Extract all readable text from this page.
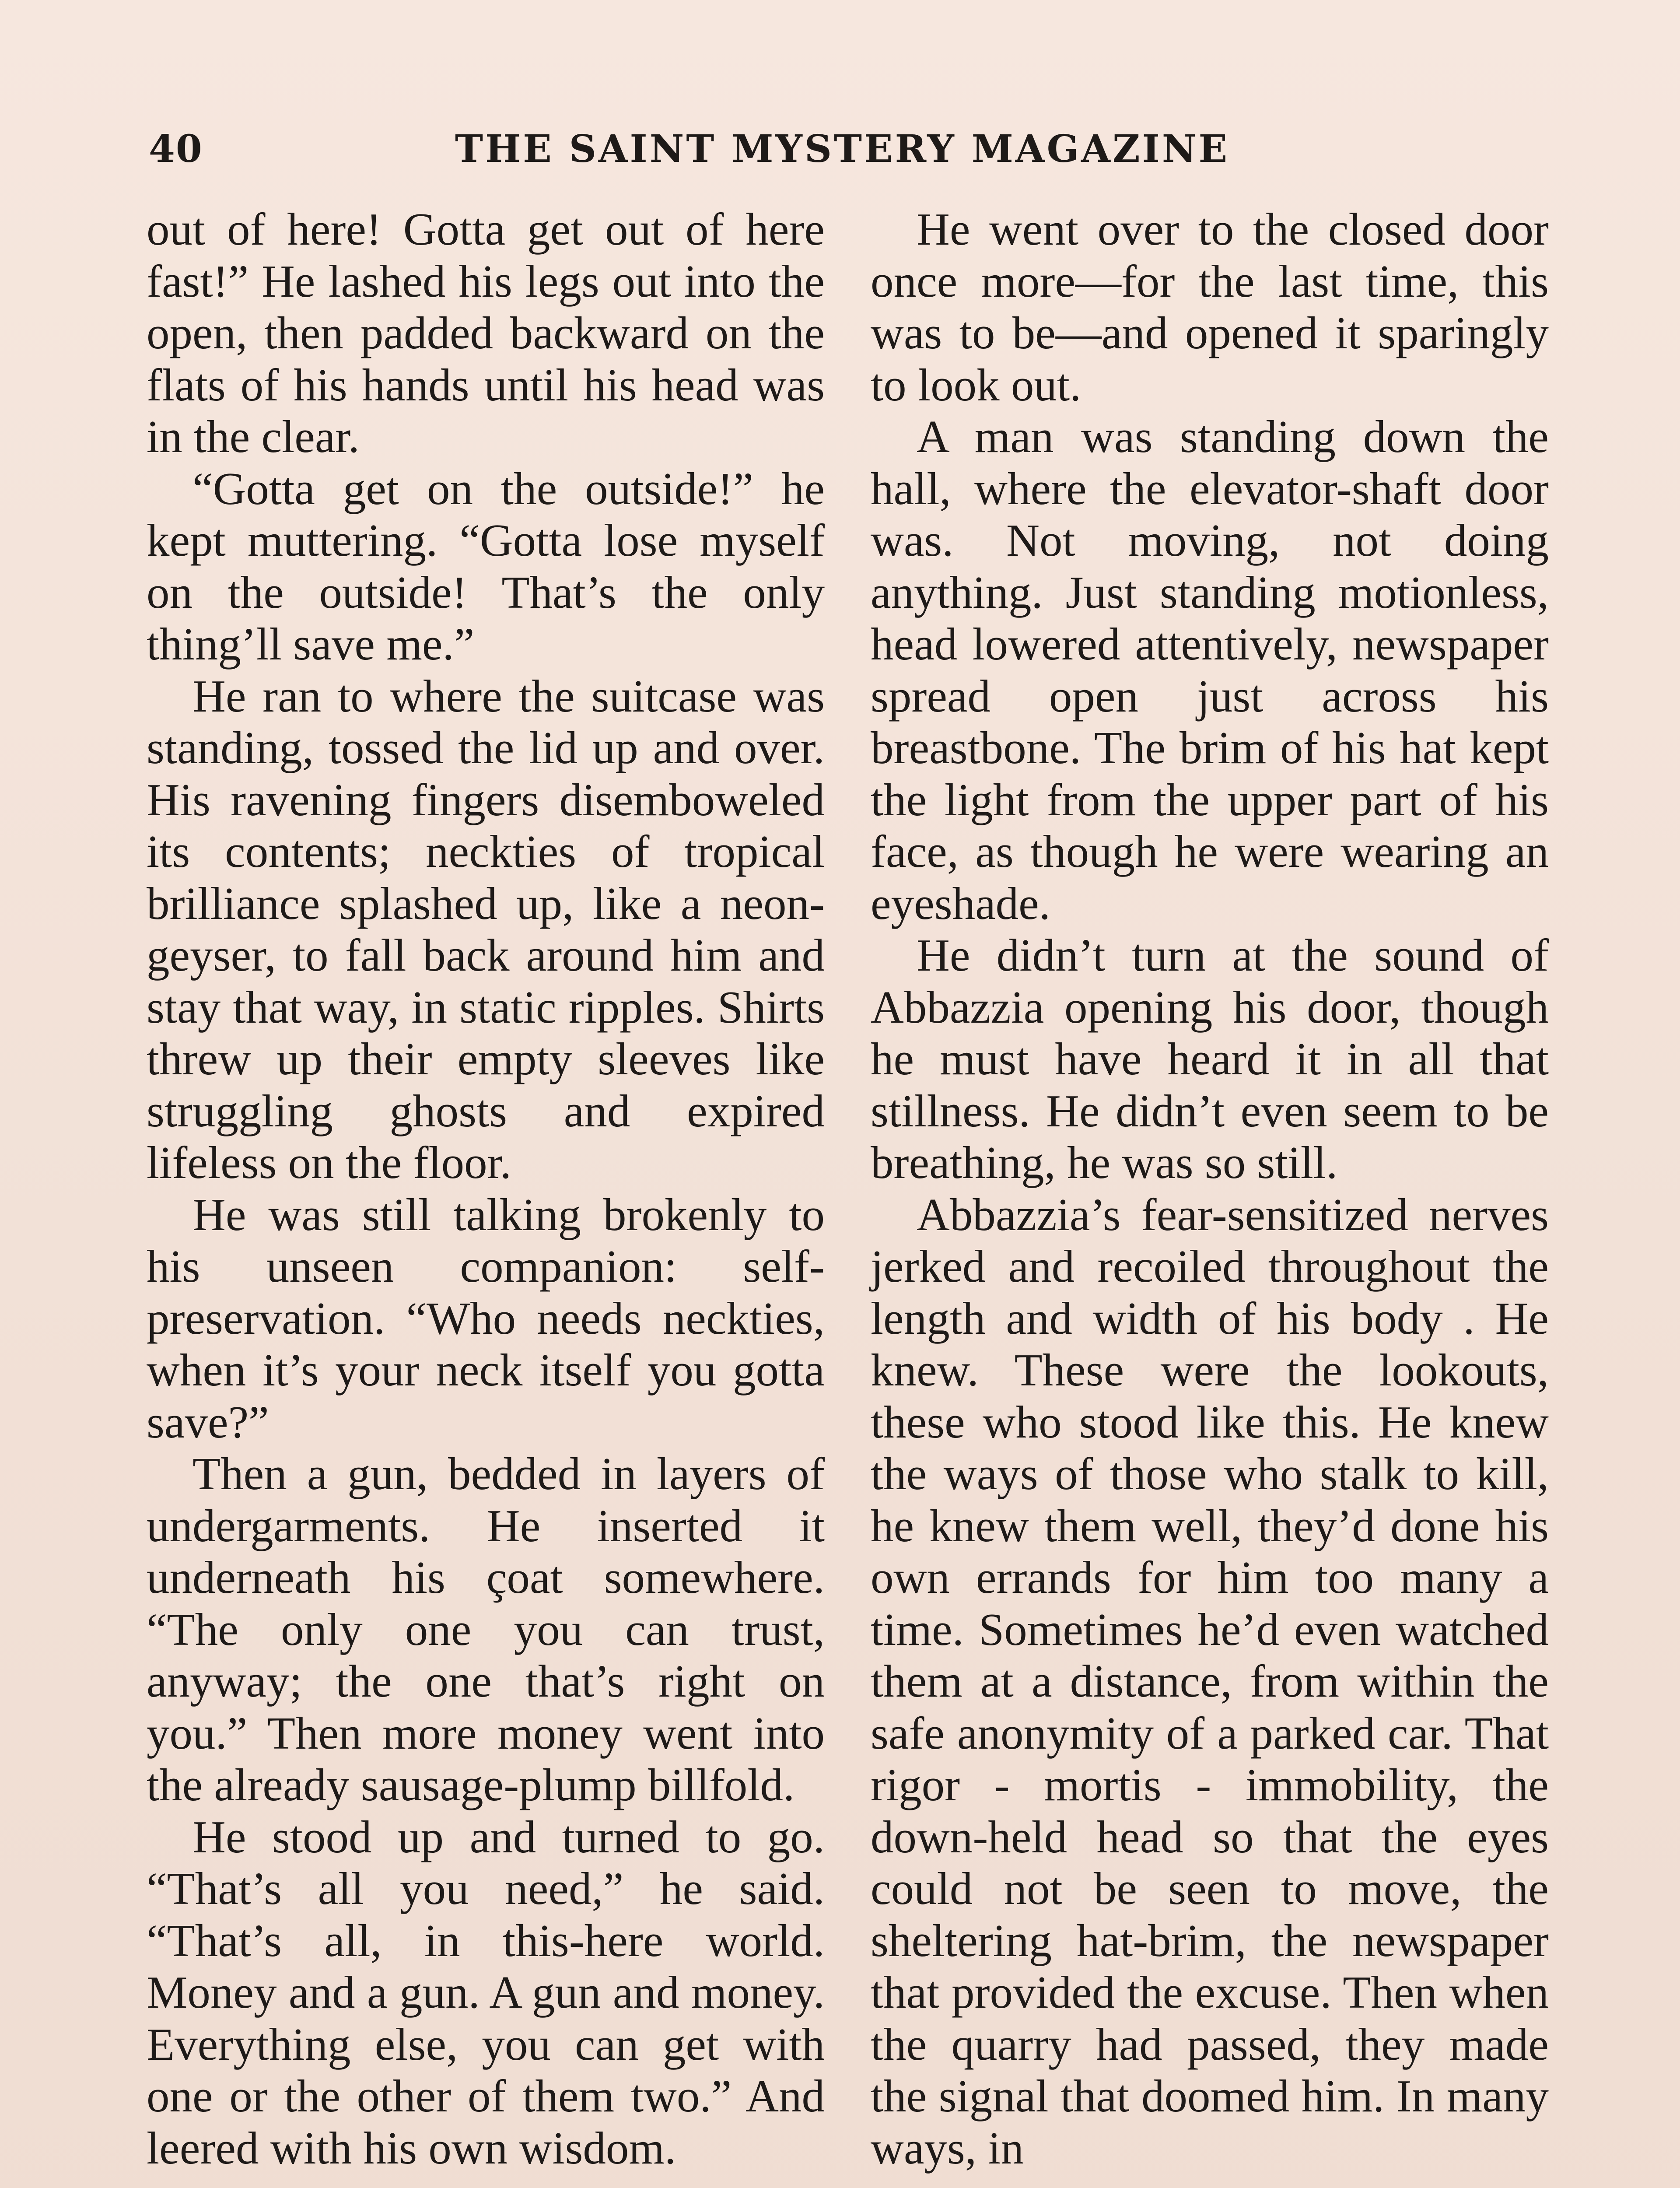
40	THE SAINT MYSTERY MAGAZINE

out of here! Gotta get out of here fast!” He lashed his legs out into the open, then padded backward on the flats of his hands until his head was in the clear.

“Gotta get on the outside!” he kept muttering. “Gotta lose myself on the outside! That’s the only thing’ll save me.”

He ran to where the suitcase was standing, tossed the lid up and over. His ravening fingers disemboweled its contents; neckties of tropical brilliance splashed up, like a neon-geyser, to fall back around him and stay that way, in static ripples. Shirts threw up their empty sleeves like struggling ghosts and expired lifeless on the floor.

He was still talking brokenly to his unseen companion: self-preservation. “Who needs neckties, when it’s your neck itself you gotta save?”

Then a gun, bedded in layers of undergarments. He inserted it underneath his çoat somewhere. “The only one you can trust, anyway; the one that’s right on you.” Then more money went into the already sausage-plump billfold.

He stood up and turned to go. “That’s all you need,” he said. “That’s all, in this-here world. Money and a gun. A gun and money. Everything else, you can get with one or the other of them two.” And leered with his own wisdom.

He went over to the closed door once more—for the last time, this was to be—and opened it sparingly to look out.

A man was standing down the hall, where the elevator-shaft door was. Not moving, not doing anything. Just standing motionless, head lowered attentively, newspaper spread open just across his breastbone. The brim of his hat kept the light from the upper part of his face, as though he were wearing an eyeshade.

He didn’t turn at the sound of Abbazzia opening his door, though he must have heard it in all that stillness. He didn’t even seem to be breathing, he was so still.

Abbazzia’s fear-sensitized nerves jerked and recoiled throughout the length and width of his body . He knew. These were the lookouts, these who stood like this. He knew the ways of those who stalk to kill, he knew them well, they’d done his own errands for him too many a time. Sometimes he’d even watched them at a distance, from within the safe anonymity of a parked car. That rigor - mortis - immobility, the down-held head so that the eyes could not be seen to move, the sheltering hat-brim, the newspaper that provided the excuse. Then when the quarry had passed, they made the signal that doomed him. In many ways, in
